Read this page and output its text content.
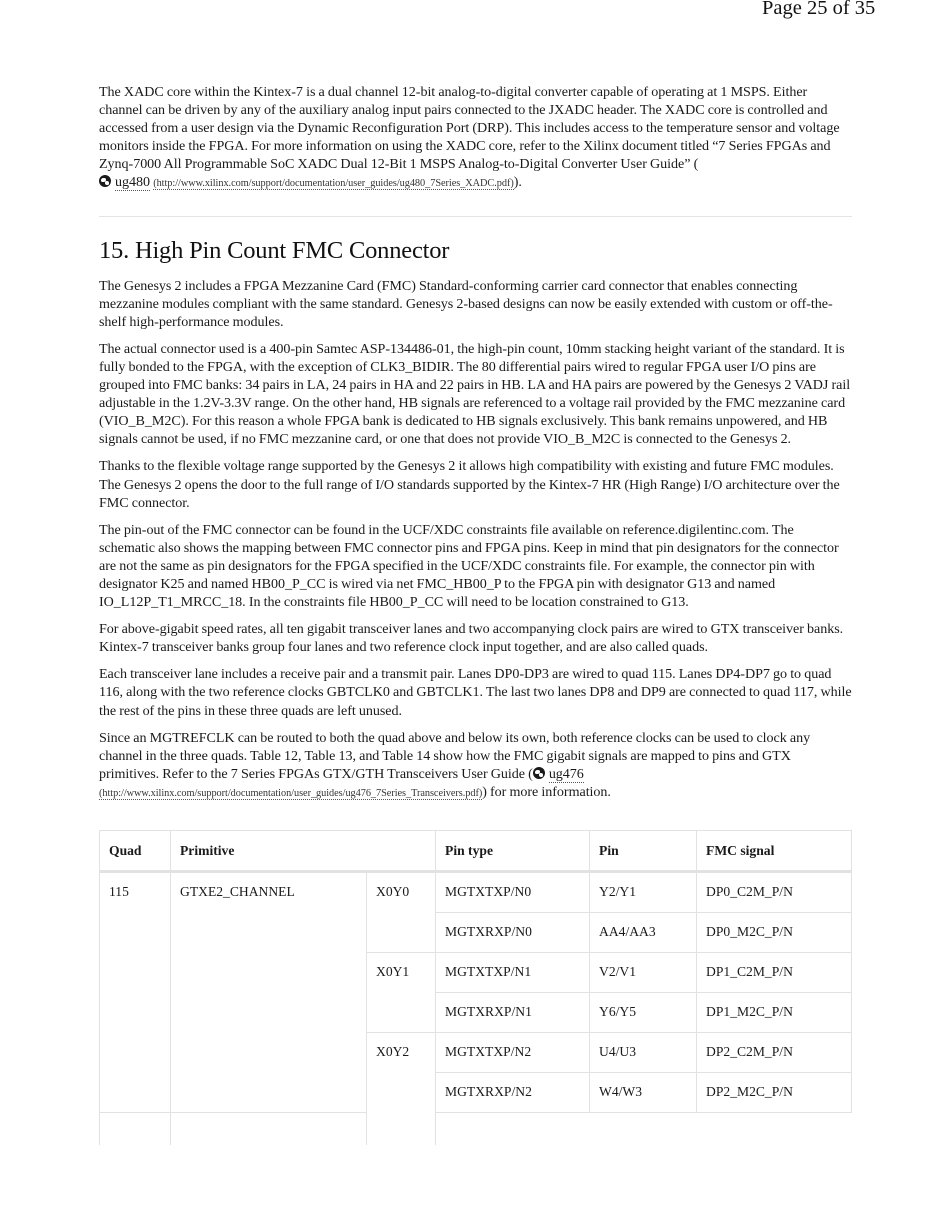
Page 25 of 35

The XADC core within the Kintex-7 is a dual channel 12-bit analog-to-digital converter capable of operating at 1 MSPS. Either channel can be driven by any of the auxiliary analog input pairs connected to the JXADC header. The XADC core is controlled and accessed from a user design via the Dynamic Reconfiguration Port (DRP). This includes access to the temperature sensor and voltage monitors inside the FPGA. For more information on using the XADC core, refer to the Xilinx document titled “7 Series FPGAs and Zynq-7000 All Programmable SoC XADC Dual 12-Bit 1 MSPS Analog-to-Digital Converter User Guide” (
ug480 (http://www.xilinx.com/support/documentation/user_guides/ug480_7Series_XADC.pdf)).

15. High Pin Count FMC Connector

The Genesys 2 includes a FPGA Mezzanine Card (FMC) Standard-conforming carrier card connector that enables connecting mezzanine modules compliant with the same standard. Genesys 2-based designs can now be easily extended with custom or off-the-shelf high-performance modules.

The actual connector used is a 400-pin Samtec ASP-134486-01, the high-pin count, 10mm stacking height variant of the standard. It is fully bonded to the FPGA, with the exception of CLK3_BIDIR. The 80 differential pairs wired to regular FPGA user I/O pins are grouped into FMC banks: 34 pairs in LA, 24 pairs in HA and 22 pairs in HB. LA and HA pairs are powered by the Genesys 2 VADJ rail adjustable in the 1.2V-3.3V range. On the other hand, HB signals are referenced to a voltage rail provided by the FMC mezzanine card (VIO_B_M2C). For this reason a whole FPGA bank is dedicated to HB signals exclusively. This bank remains unpowered, and HB signals cannot be used, if no FMC mezzanine card, or one that does not provide VIO_B_M2C is connected to the Genesys 2.

Thanks to the flexible voltage range supported by the Genesys 2 it allows high compatibility with existing and future FMC modules. The Genesys 2 opens the door to the full range of I/O standards supported by the Kintex-7 HR (High Range) I/O architecture over the FMC connector.

The pin-out of the FMC connector can be found in the UCF/XDC constraints file available on reference.digilentinc.com. The schematic also shows the mapping between FMC connector pins and FPGA pins. Keep in mind that pin designators for the connector are not the same as pin designators for the FPGA specified in the UCF/XDC constraints file. For example, the connector pin with designator K25 and named HB00_P_CC is wired via net FMC_HB00_P to the FPGA pin with designator G13 and named IO_L12P_T1_MRCC_18. In the constraints file HB00_P_CC will need to be location constrained to G13.

For above-gigabit speed rates, all ten gigabit transceiver lanes and two accompanying clock pairs are wired to GTX transceiver banks. Kintex-7 transceiver banks group four lanes and two reference clock input together, and are also called quads.

Each transceiver lane includes a receive pair and a transmit pair. Lanes DP0-DP3 are wired to quad 115. Lanes DP4-DP7 go to quad 116, along with the two reference clocks GBTCLK0 and GBTCLK1. The last two lanes DP8 and DP9 are connected to quad 117, while the rest of the pins in these three quads are left unused.

Since an MGTREFCLK can be routed to both the quad above and below its own, both reference clocks can be used to clock any channel in the three quads. Table 12, Table 13, and Table 14 show how the FMC gigabit signals are mapped to pins and GTX primitives. Refer to the 7 Series FPGAs GTX/GTH Transceivers User Guide ( ug476
(http://www.xilinx.com/support/documentation/user_guides/ug476_7Series_Transceivers.pdf)) for more information.

Quad	Primitive		Pin type	Pin	FMC signal
115	GTXE2_CHANNEL	X0Y0	MGTXTXP/N0	Y2/Y1	DP0_C2M_P/N
			MGTXRXP/N0	AA4/AA3	DP0_M2C_P/N
		X0Y1	MGTXTXP/N1	V2/V1	DP1_C2M_P/N
			MGTXRXP/N1	Y6/Y5	DP1_M2C_P/N
		X0Y2	MGTXTXP/N2	U4/U3	DP2_C2M_P/N
			MGTXRXP/N2	W4/W3	DP2_M2C_P/N
